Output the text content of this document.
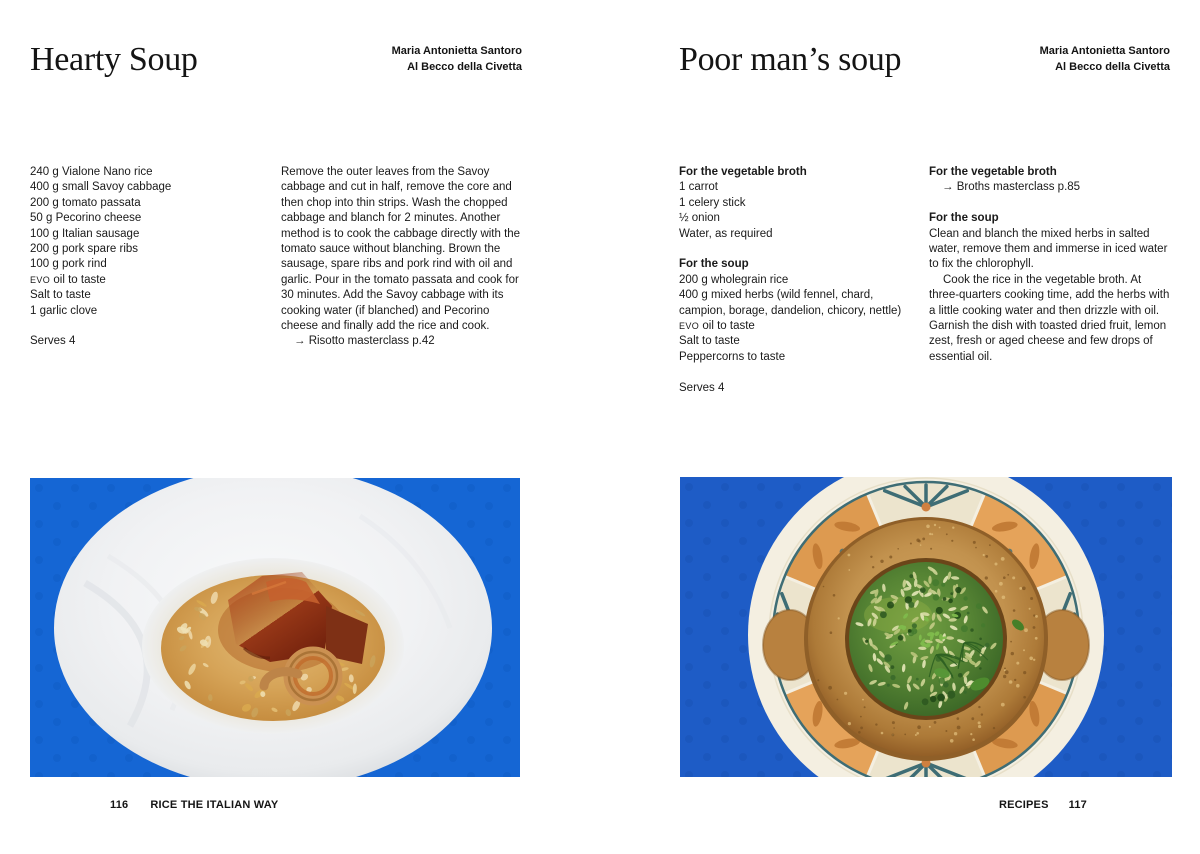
Hearty Soup	Maria Antonietta Santoro
Al Becco della Civetta
240 g Vialone Nano rice
400 g small Savoy cabbage
200 g tomato passata
50 g Pecorino cheese
100 g Italian sausage
200 g pork spare ribs
100 g pork rind
EVO oil to taste
Salt to taste
1 garlic clove
Serves 4

Remove the outer leaves from the Savoy cabbage and cut in half, remove the core and then chop into thin strips. Wash the chopped cabbage and blanch for 2 minutes. Another method is to cook the cabbage directly with the tomato sauce without blanching. Brown the sausage, spare ribs and pork rind with oil and garlic. Pour in the tomato passata and cook for 30 minutes. Add the Savoy cabbage with its cooking water (if blanched) and Pecorino cheese and finally add the rice and cook.

→ Risotto masterclass p.42
116 RICE THE ITALIAN WAY
Poor man’s soup	Maria Antonietta Santoro
Al Becco della Civetta
For the vegetable broth
1 carrot
1 celery stick
½ onion
Water, as required
For the soup
200 g wholegrain rice
400 g mixed herbs (wild fennel, chard, campion, borage, dandelion, chicory, nettle)
EVO oil to taste
Salt to taste
Peppercorns to taste
Serves 4
For the vegetable broth
→ Broths masterclass p.85
For the soup

Clean and blanch the mixed herbs in salted water, remove them and immerse in iced water to fix the chlorophyll.

Cook the rice in the vegetable broth. At three-quarters cooking time, add the herbs with a little cooking water and then drizzle with oil.

Garnish the dish with toasted dried fruit, lemon zest, fresh or aged cheese and few drops of essential oil.

RECIPES 117
